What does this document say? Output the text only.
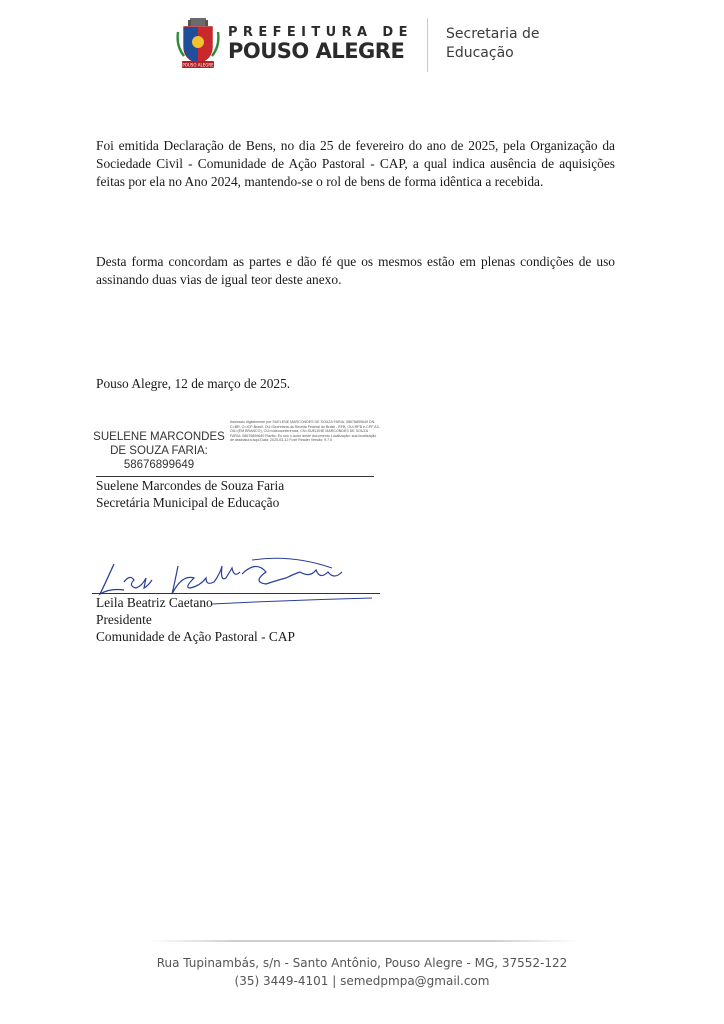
POUSO ALEGRE
PREFEITURA DE
POUSO ALEGRE
Secretaria de
Educação

Foi emitida Declaração de Bens, no dia 25 de fevereiro do ano de 2025, pela Organização da Sociedade Civil - Comunidade de Ação Pastoral - CAP, a qual indica ausência de aquisições feitas por ela no Ano 2024, mantendo-se o rol de bens de forma idêntica a recebida.

Desta forma concordam as partes e dão fé que os mesmos estão em plenas condições de uso assinando duas vias de igual teor deste anexo.

Pouso Alegre, 12 de março de 2025.

SUELENE MARCONDES DE SOUZA FARIA:
58676899649
Assinado digitalmente por SUELENE MARCONDES DE SOUZA FARIA: 58676899649 DN: C=BR, O=ICP-Brasil, OU=Secretaria da Receita Federal do Brasil - RFB, OU=RFB e-CPF A3, OU=(EM BRANCO), OU=videoconferencia, CN=SUELENE MARCONDES DE SOUZA FARIA: 58676899649 Razão: Eu sou o autor deste documento Localização: sua localização de assinatura aqui Data: 2025-03-12 Foxit Reader Versão: 9.7.0

Suelene Marcondes de Souza Faria
Secretária Municipal de Educação

Leila Beatriz Caetano
Presidente
Comunidade de Ação Pastoral - CAP

Rua Tupinambás, s/n - Santo Antônio, Pouso Alegre - MG, 37552-122
(35) 3449-4101 | semedpmpa@gmail.com
